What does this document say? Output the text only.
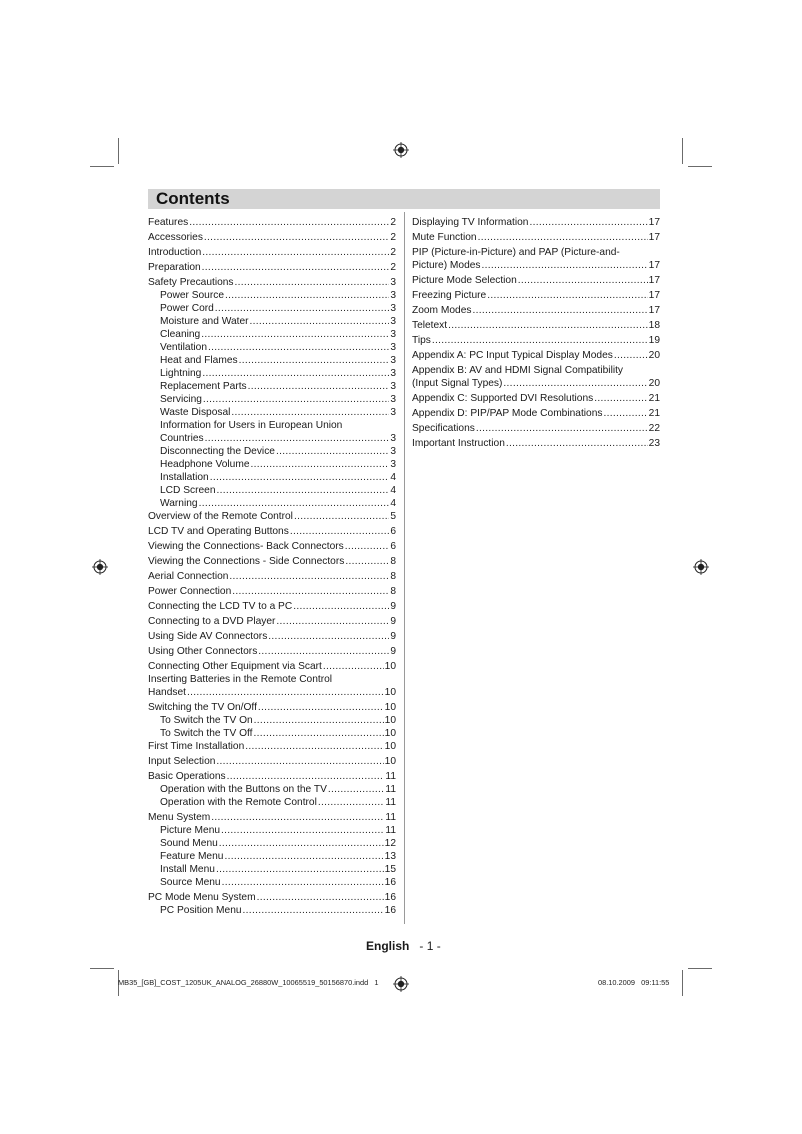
Contents
Features .....	2
Accessories .....	2
Introduction .....	2
Preparation .....	2
Safety Precautions .....	3
Power Source .....	3
Power Cord .....	3
Moisture and Water .....	3
Cleaning .....	3
Ventilation .....	3
Heat and Flames .....	3
Lightning .....	3
Replacement Parts .....	3
Servicing .....	3
Waste Disposal .....	3
Information for Users in European Union
Countries .....	3
Disconnecting the Device .....	3
Headphone Volume .....	3
Installation .....	4
LCD Screen .....	4
Warning .....	4
Overview of the Remote Control .....	5
LCD TV and Operating Buttons .....	6
Viewing the Connections- Back Connectors .....	6
Viewing the Connections - Side Connectors .....	8
Aerial Connection .....	8
Power Connection .....	8
Connecting the LCD TV to a PC .....	9
Connecting to a DVD Player .....	9
Using Side AV Connectors .....	9
Using Other Connectors .....	9
Connecting Other Equipment via Scart .....	10
Inserting Batteries in the Remote Control
Handset .....	10
Switching the TV On/Off .....	10
To Switch the TV On .....	10
To Switch the TV Off .....	10
First Time Installation .....	10
Input Selection .....	10
Basic Operations .....	11
Operation with the Buttons on the TV .....	11
Operation with the Remote Control .....	11
Menu System .....	11
Picture Menu .....	11
Sound Menu .....	12
Feature Menu .....	13
Install Menu .....	15
Source Menu .....	16
PC Mode Menu System .....	16
PC Position Menu .....	16
Displaying TV Information .....	17
Mute Function .....	17
PIP (Picture-in-Picture) and PAP (Picture-and-
Picture) Modes .....	17
Picture Mode Selection .....	17
Freezing Picture .....	17
Zoom Modes .....	17
Teletext .....	18
Tips .....	19
Appendix A: PC Input Typical Display Modes .....	20
Appendix B: AV and HDMI Signal Compatibility
(Input Signal Types) .....	20
Appendix C: Supported DVI Resolutions .....	21
Appendix D: PIP/PAP Mode Combinations .....	21
Specifications .....	22
Important Instruction .....	23
English - 1 -
MB35_[GB]_COST_1205UK_ANALOG_26880W_10065519_50156870.indd 1	08.10.2009 09:11:55
